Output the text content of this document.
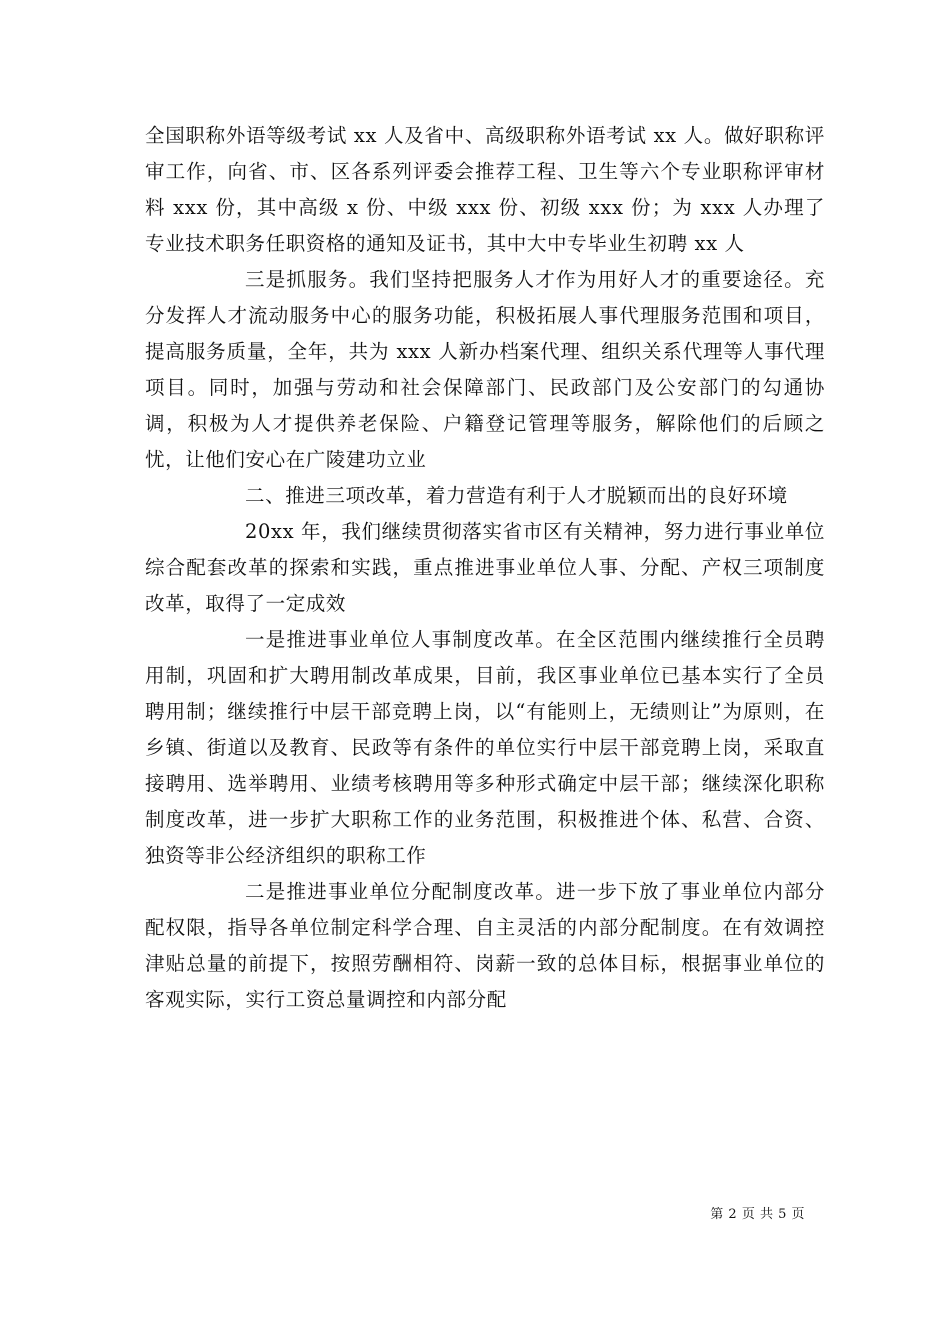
全国职称外语等级考试 xx 人及省中、高级职称外语考试 xx 人。做好职称评审工作，向省、市、区各系列评委会推荐工程、卫生等六个专业职称评审材料 xxx 份，其中高级 x 份、中级 xxx 份、初级 xxx 份；为 xxx 人办理了专业技术职务任职资格的通知及证书，其中大中专毕业生初聘 xx 人

三是抓服务。我们坚持把服务人才作为用好人才的重要途径。充分发挥人才流动服务中心的服务功能，积极拓展人事代理服务范围和项目，提高服务质量，全年，共为 xxx 人新办档案代理、组织关系代理等人事代理项目。同时，加强与劳动和社会保障部门、民政部门及公安部门的勾通协调，积极为人才提供养老保险、户籍登记管理等服务，解除他们的后顾之忧，让他们安心在广陵建功立业

二、推进三项改革，着力营造有利于人才脱颖而出的良好环境

20xx 年，我们继续贯彻落实省市区有关精神，努力进行事业单位综合配套改革的探索和实践，重点推进事业单位人事、分配、产权三项制度改革，取得了一定成效

一是推进事业单位人事制度改革。在全区范围内继续推行全员聘用制，巩固和扩大聘用制改革成果，目前，我区事业单位已基本实行了全员聘用制；继续推行中层干部竞聘上岗，以“有能则上，无绩则让”为原则，在乡镇、街道以及教育、民政等有条件的单位实行中层干部竞聘上岗，采取直接聘用、选举聘用、业绩考核聘用等多种形式确定中层干部；继续深化职称制度改革，进一步扩大职称工作的业务范围，积极推进个体、私营、合资、独资等非公经济组织的职称工作

二是推进事业单位分配制度改革。进一步下放了事业单位内部分配权限，指导各单位制定科学合理、自主灵活的内部分配制度。在有效调控津贴总量的前提下，按照劳酬相符、岗薪一致的总体目标，根据事业单位的客观实际，实行工资总量调控和内部分配

第 2 页 共 5 页
